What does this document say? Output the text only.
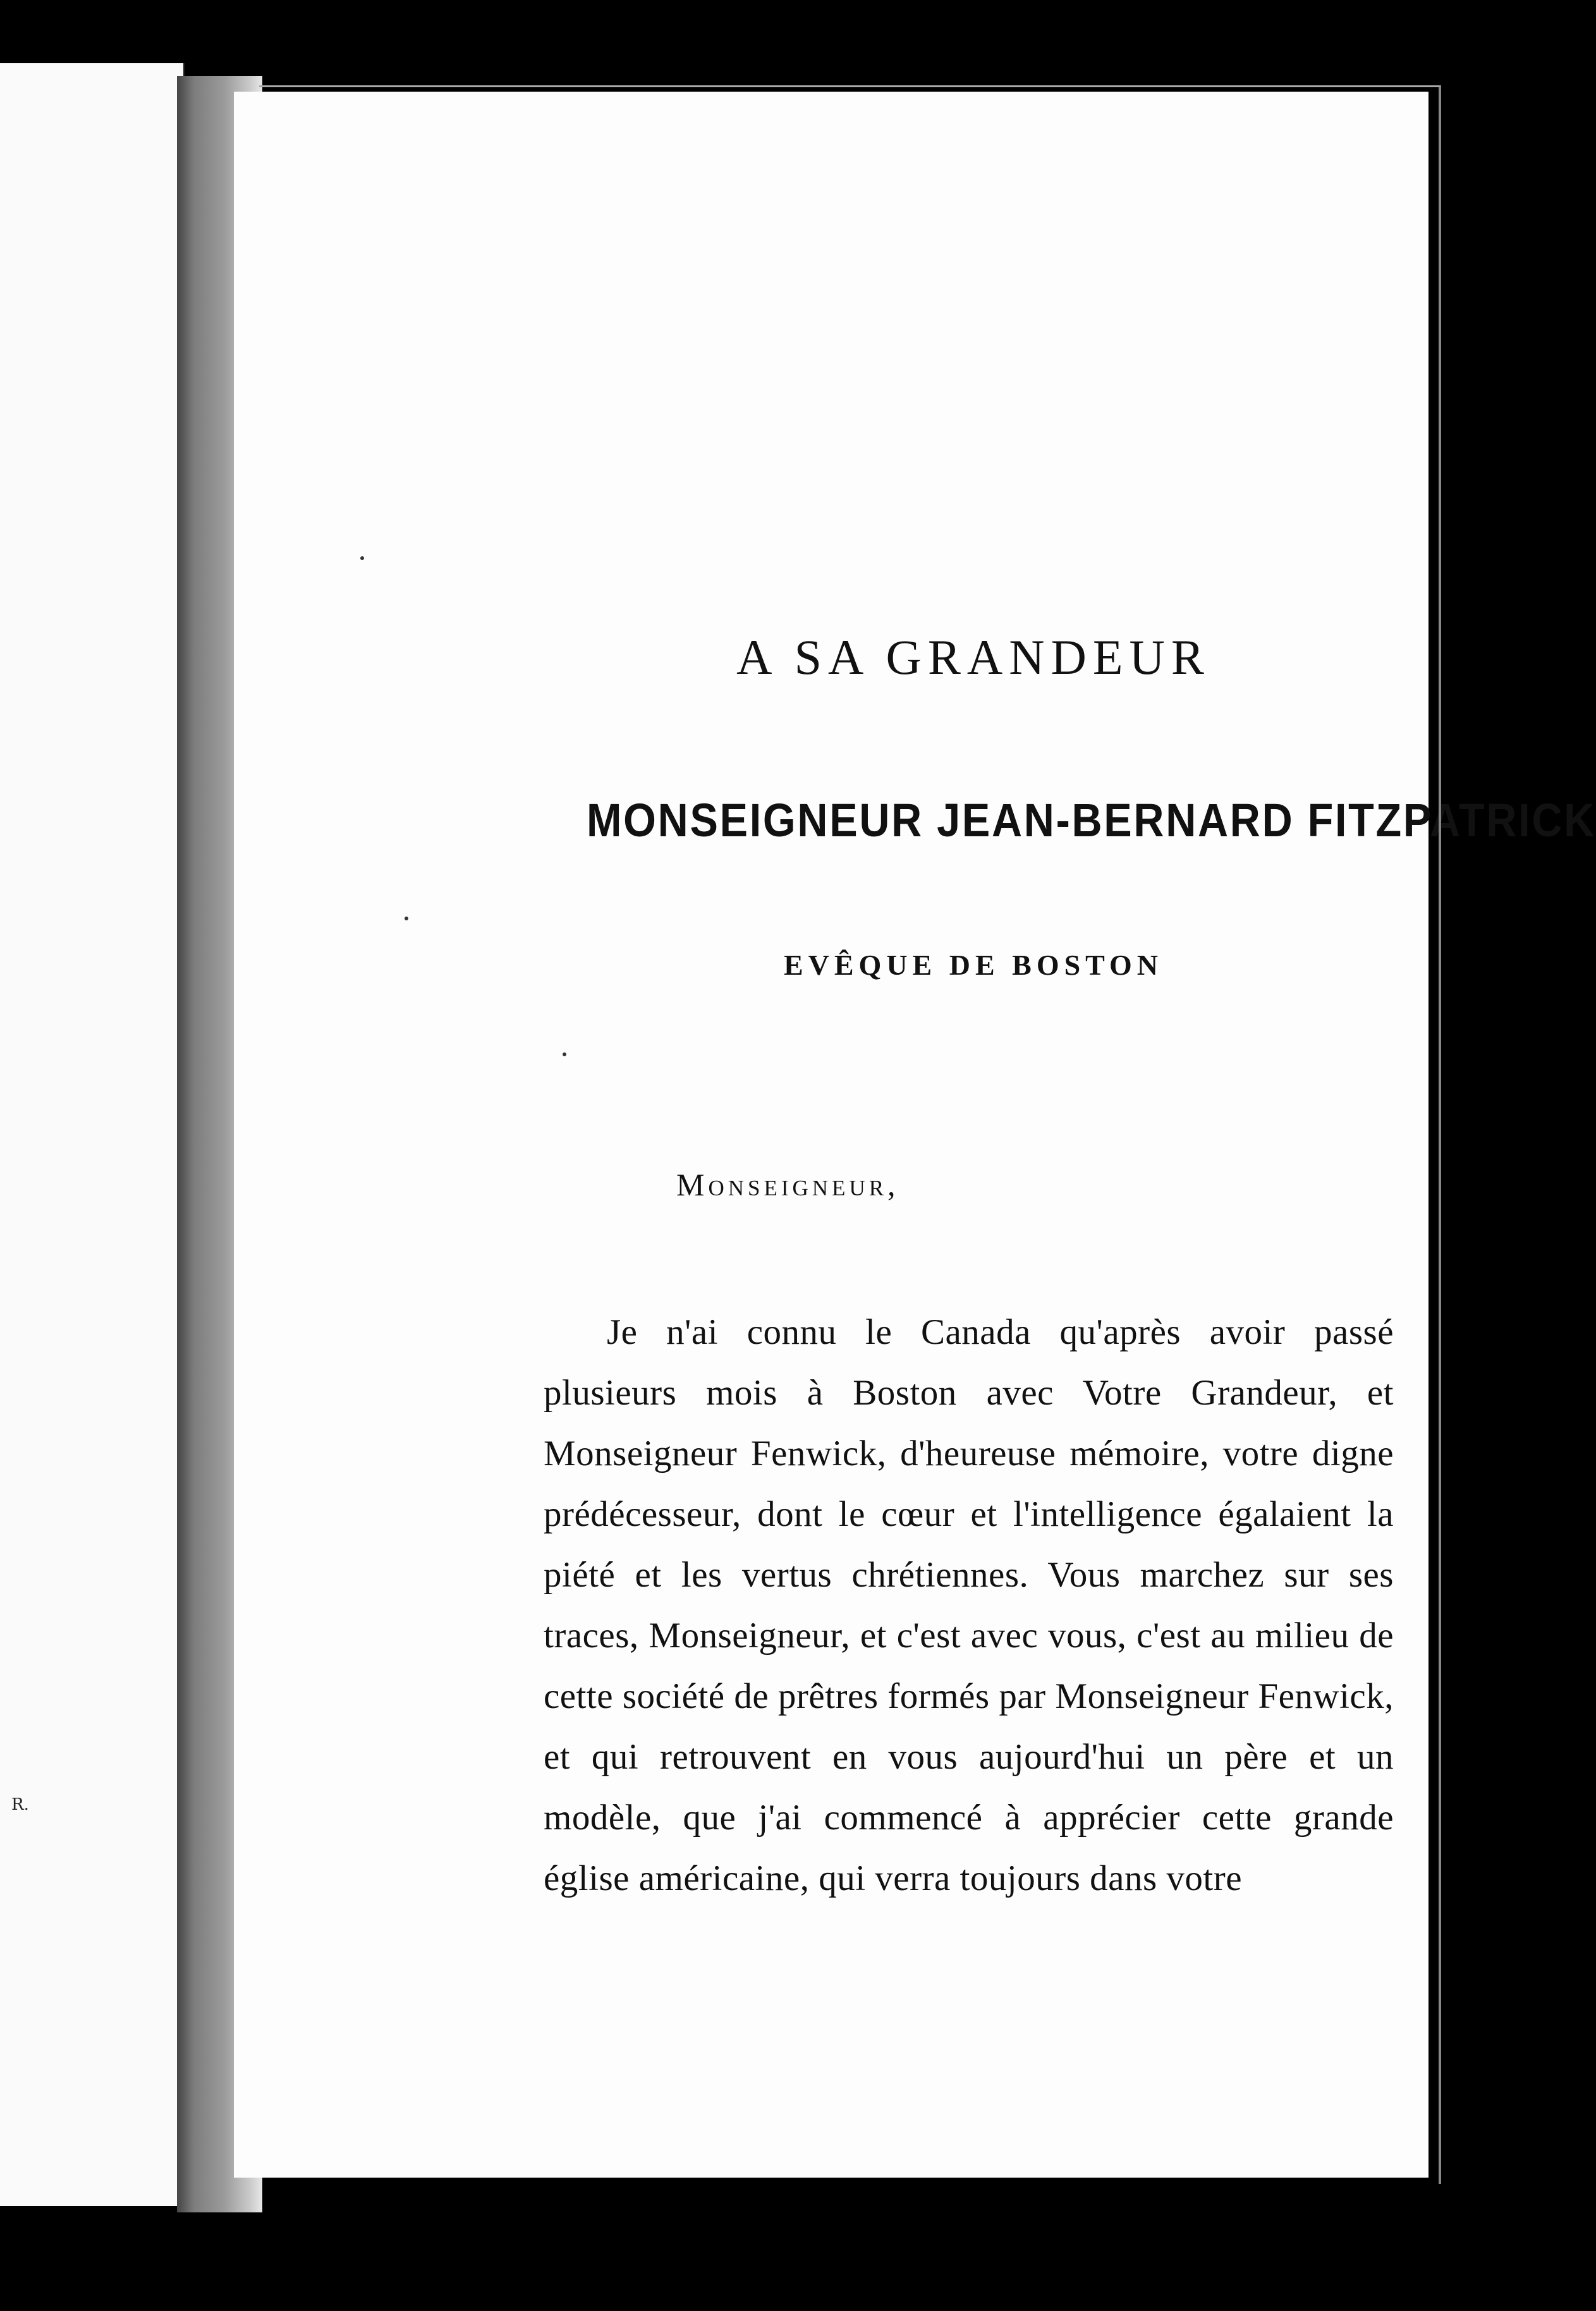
R.
A SA GRANDEUR
MONSEIGNEUR JEAN-BERNARD FITZPATRICK
EVÊQUE DE BOSTON

Monseigneur,

Je n'ai connu le Canada qu'après avoir passé plusieurs mois à Boston avec Votre Grandeur, et Monseigneur Fenwick, d'heureuse mémoire, votre digne prédécesseur, dont le cœur et l'intelligence égalaient la piété et les vertus chrétiennes. Vous marchez sur ses traces, Monseigneur, et c'est avec vous, c'est au milieu de cette société de prêtres formés par Monseigneur Fenwick, et qui retrouvent en vous aujourd'hui un père et un modèle, que j'ai commencé à apprécier cette grande église américaine, qui verra toujours dans votre
